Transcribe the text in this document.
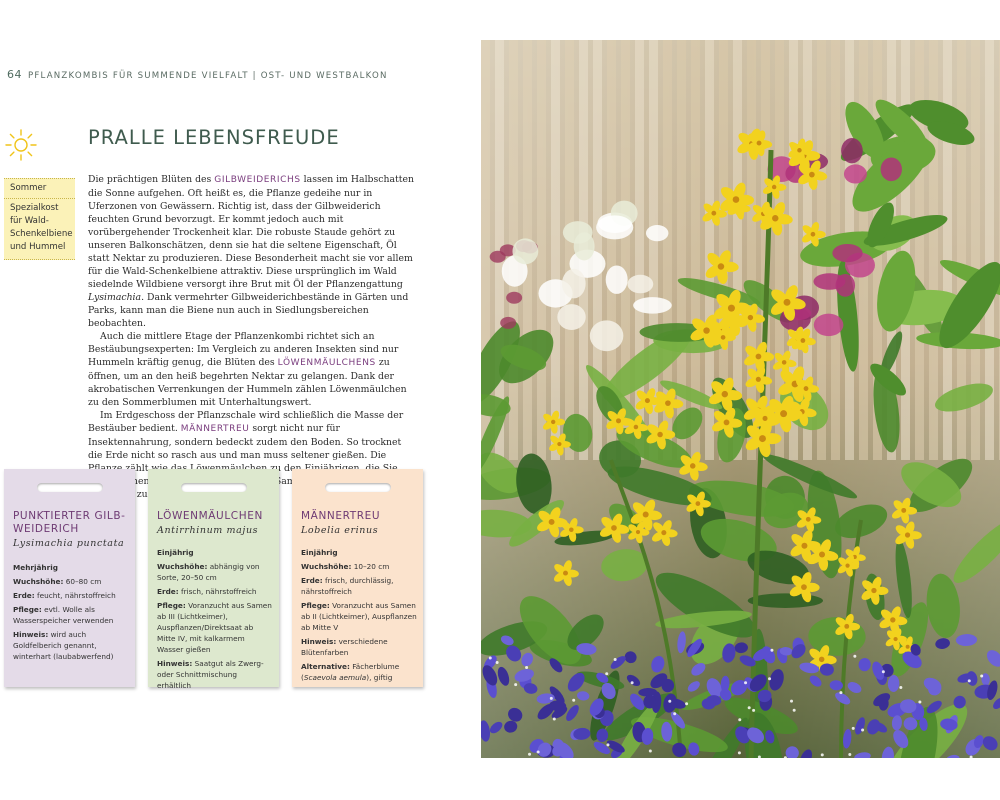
64 PFLANZKOMBIS FÜR SUMMENDE VIELFALT | OST- UND WESTBALKON
PRALLE LEBENSFREUDE
Sommer
Spezialkost für Wald-Schenkelbiene und Hummel

Die prächtigen Blüten des GILBWEIDERICHS lassen im Halbschatten die Sonne aufgehen. Oft heißt es, die Pflanze gedeihe nur in Uferzonen von Gewässern. Richtig ist, dass der Gilbweiderich feuchten Grund bevorzugt. Er kommt jedoch auch mit vorübergehender Trockenheit klar. Die robuste Staude gehört zu unseren Balkonschätzen, denn sie hat die seltene Eigenschaft, Öl statt Nektar zu produzieren. Diese Besonderheit macht sie vor allem für die Wald-Schenkelbiene attraktiv. Diese ursprünglich im Wald siedelnde Wildbiene versorgt ihre Brut mit Öl der Pflanzengattung Lysimachia. Dank vermehrter Gilbweiderichbestände in Gärten und Parks, kann man die Biene nun auch in Siedlungsbereichen beobachten.

Auch die mittlere Etage der Pflanzenkombi richtet sich an Bestäubungsexperten: Im Vergleich zu anderen Insekten sind nur Hummeln kräftig genug, die Blüten des LÖWENMÄULCHENS zu öffnen, um an den heiß begehrten Nektar zu gelangen. Dank der akrobatischen Verrenkungen der Hummeln zählen Löwenmäulchen zu den Sommerblumen mit Unterhaltungswert.

Im Erdgeschoss der Pflanzschale wird schließlich die Masse der Bestäuber bedient. MÄNNERTREU sorgt nicht nur für Insektennahrung, sondern bedeckt zudem den Boden. So trocknet die Erde nicht so rasch aus und man muss seltener gießen. Die zählt Samen zu

PUNKTIERTER GILB-WEIDERICH
Lysimachia punctata
Mehrjährig
Wuchshöhe: 60–80 cm
Erde: feucht, nährstoffreich
Pflege: evtl. Wolle als Wasserspeicher verwenden
Hinweis: wird auch Goldfelberich genannt, winterhart (laubabwerfend)
LÖWENMÄULCHEN
Antirrhinum majus
Einjährig
Wuchshöhe: abhängig von Sorte, 20–50 cm
Erde: frisch, nährstoffreich
Pflege: Voranzucht aus Samen ab III (Lichtkeimer), Auspflanzen/Direktsaat ab Mitte IV, mit kalkarmem Wasser gießen
Hinweis: Saatgut als Zwerg- oder Schnittmischung erhältlich
MÄNNERTREU
Lobelia erinus
Einjährig
Wuchshöhe: 10–20 cm
Erde: frisch, durchlässig, nährstoffreich
Pflege: Voranzucht aus Samen ab II (Lichtkeimer), Auspflanzen ab Mitte V
Hinweis: verschiedene Blütenfarben
Alternative: Fächerblume (Scaevola aemula), giftig
